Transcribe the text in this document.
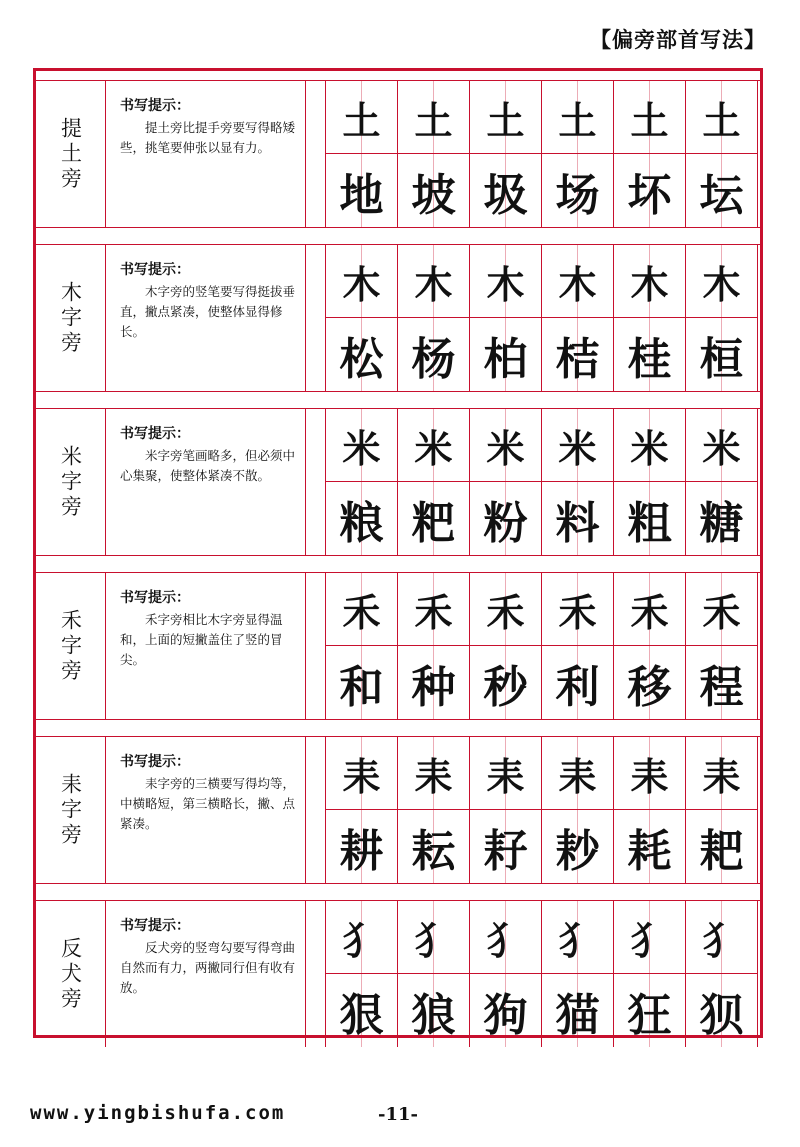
【偏旁部首写法】
提土旁
书写提示：
提土旁比提手旁要写得略矮些，挑笔要伸张以显有力。
土
地
土
坡
土
圾
土
场
土
坏
土
坛
木字旁
书写提示：
木字旁的竖笔要写得挺拔垂直，撇点紧凑，使整体显得修长。
木
松
木
杨
木
柏
木
桔
木
桂
木
桓
米字旁
书写提示：
米字旁笔画略多，但必须中心集聚，使整体紧凑不散。
米
粮
米
粑
米
粉
米
料
米
粗
米
糖
禾字旁
书写提示：
禾字旁相比木字旁显得温和，上面的短撇盖住了竖的冒尖。
禾
和
禾
种
禾
秒
禾
利
禾
移
禾
程
耒字旁
书写提示：
耒字旁的三横要写得均等，中横略短，第三横略长，撇、点紧凑。
耒
耕
耒
耘
耒
耔
耒
耖
耒
耗
耒
耙
反犬旁
书写提示：
反犬旁的竖弯勾要写得弯曲自然而有力，两撇同行但有收有放。
犭
狠
犭
狼
犭
狗
犭
猫
犭
狂
犭
狈
www.yingbishufa.com	-11-
